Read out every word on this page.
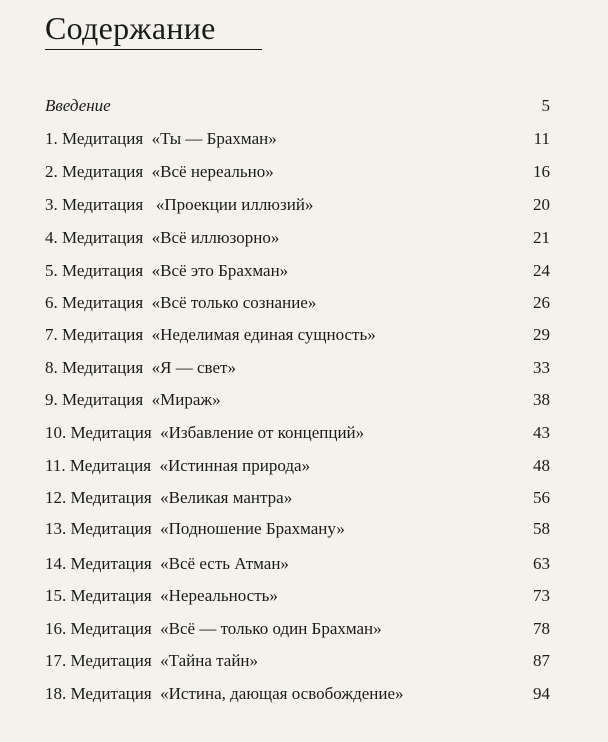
Содержание
Введение	5
1. Медитация  «Ты — Брахман»	11
2. Медитация  «Всё нереально»	16
3. Медитация   «Проекции иллюзий»	20
4. Медитация  «Всё иллюзорно»	21
5. Медитация  «Всё это Брахман»	24
6. Медитация  «Всё только сознание»	26
7. Медитация  «Неделимая единая сущность»	29
8. Медитация  «Я — свет»	33
9. Медитация  «Мираж»	38
10. Медитация  «Избавление от концепций»	43
11. Медитация  «Истинная природа»	48
12. Медитация  «Великая мантра»	56
13. Медитация  «Подношение Брахману»	58
14. Медитация  «Всё есть Атман»	63
15. Медитация  «Нереальность»	73
16. Медитация  «Всё — только один Брахман»	78
17. Медитация  «Тайна тайн»	87
18. Медитация  «Истина, дающая освобождение»	94
